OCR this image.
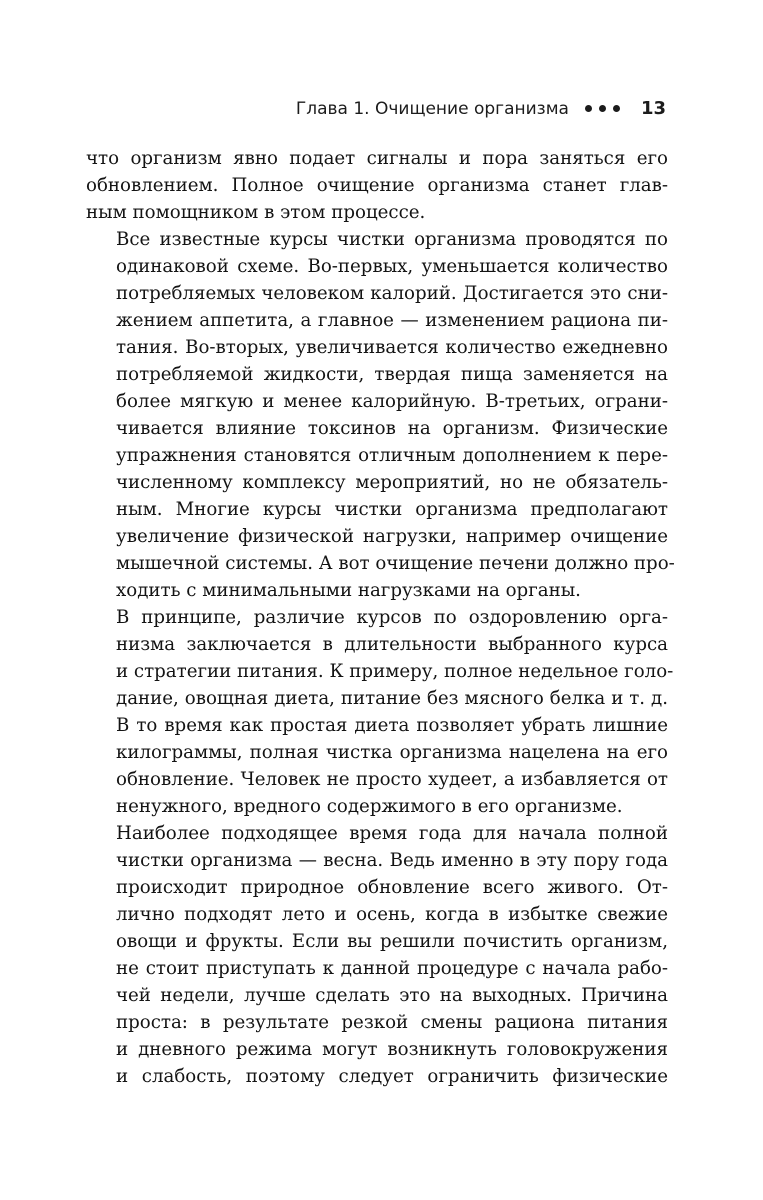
Глава 1. Очищение организма	13

что организм явно подает сигналы и пора заняться его
обновлением. Полное очищение организма станет глав-
ным помощником в этом процессе.

Все известные курсы чистки организма проводятся по
одинаковой схеме. Во-первых, уменьшается количество
потребляемых человеком калорий. Достигается это сни-
жением аппетита, а главное — изменением рациона пи-
тания. Во-вторых, увеличивается количество ежедневно
потребляемой жидкости, твердая пища заменяется на
более мягкую и менее калорийную. В-третьих, ограни-
чивается влияние токсинов на организм. Физические
упражнения становятся отличным дополнением к пере-
численному комплексу мероприятий, но не обязатель-
ным. Многие курсы чистки организма предполагают
увеличение физической нагрузки, например очищение
мышечной системы. А вот очищение печени должно про-
ходить с минимальными нагрузками на органы.

В принципе, различие курсов по оздоровлению орга-
низма заключается в длительности выбранного курса
и стратегии питания. К примеру, полное недельное голо-
дание, овощная диета, питание без мясного белка и т. д.
В то время как простая диета позволяет убрать лишние
килограммы, полная чистка организма нацелена на его
обновление. Человек не просто худеет, а избавляется от
ненужного, вредного содержимого в его организме.

Наиболее подходящее время года для начала полной
чистки организма — весна. Ведь именно в эту пору года
происходит природное обновление всего живого. От-
лично подходят лето и осень, когда в избытке свежие
овощи и фрукты. Если вы решили почистить организм,
не стоит приступать к данной процедуре с начала рабо-
чей недели, лучше сделать это на выходных. Причина
проста: в результате резкой смены рациона питания
и дневного режима могут возникнуть головокружения
и слабость, поэтому следует ограничить физические
